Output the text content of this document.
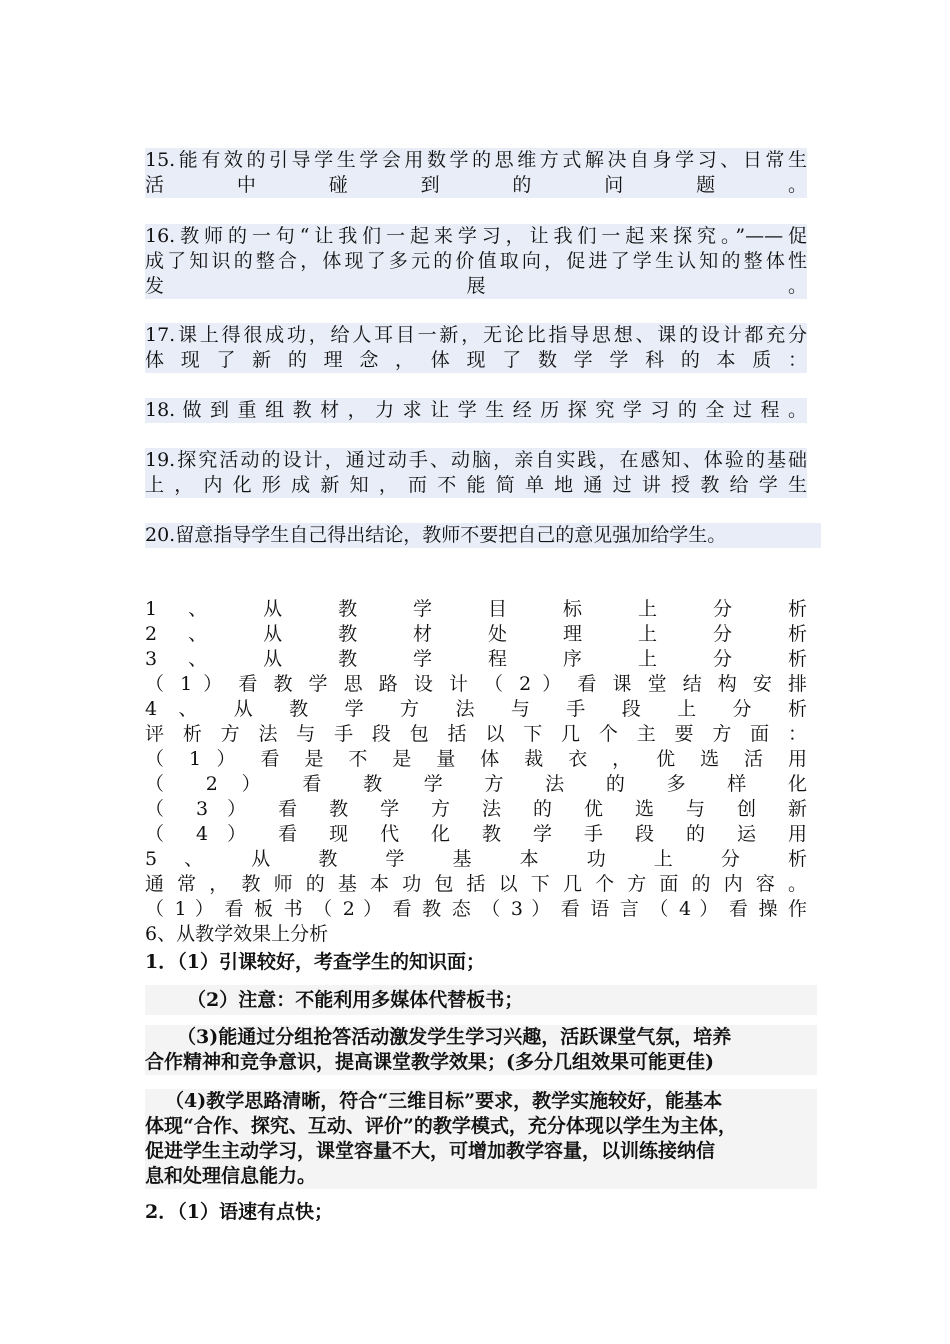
15.能有效的引导学生学会用数学的思维方式解决自身学习、日常生
活 中 碰 到 的 问 题 。
16.教师的一句“让我们一起来学习，让我们一起来探究。”——促
成了知识的整合，体现了多元的价值取向，促进了学生认知的整体性
发 展 。
17.课上得很成功，给人耳目一新，无论比指导思想、课的设计都充分
体 现 了 新 的 理 念 ， 体 现 了 数 学 学 科 的 本 质 ：
18. 做 到 重 组 教 材 ， 力 求 让 学 生 经 历 探 究 学 习 的 全 过 程 。
19.探究活动的设计，通过动手、动脑，亲自实践，在感知、体验的基础
上 ， 内 化 形 成 新 知 ， 而 不 能 简 单 地 通 过 讲 授 教 给 学 生
20.留意指导学生自己得出结论，教师不要把自己的意见强加给学生。
1 、 从 教 学 目 标 上 分 析
2 、 从 教 材 处 理 上 分 析
3 、 从 教 学 程 序 上 分 析
（ 1 ） 看 教 学 思 路 设 计 （ 2 ） 看 课 堂 结 构 安 排
4 、 从 教 学 方 法 与 手 段 上 分 析
评 析 方 法 与 手 段 包 括 以 下 几 个 主 要 方 面 ：
（ 1 ） 看 是 不 是 量 体 裁 衣 ， 优 选 活 用
（ 2 ） 看 教 学 方 法 的 多 样 化
（ 3 ） 看 教 学 方 法 的 优 选 与 创 新
（ 4 ） 看 现 代 化 教 学 手 段 的 运 用
5 、 从 教 学 基 本 功 上 分 析
通 常 ， 教 师 的 基 本 功 包 括 以 下 几 个 方 面 的 内 容 。
（ 1 ） 看 板 书 （ 2 ） 看 教 态 （ 3 ） 看 语 言 （ 4 ） 看 操 作
6、从教学效果上分析
1．（1）引课较好，考查学生的知识面；
（2）注意：不能利用多媒体代替板书；
（3)能通过分组抢答活动激发学生学习兴趣，活跃课堂气氛，培养
合作精神和竞争意识，提高课堂教学效果；(多分几组效果可能更佳)
（4)教学思路清晰，符合“三维目标”要求，教学实施较好，能基本
体现“合作、探究、互动、评价”的教学模式，充分体现以学生为主体，
促进学生主动学习，课堂容量不大，可增加教学容量，以训练接纳信
息和处理信息能力。
2．（1）语速有点快；
